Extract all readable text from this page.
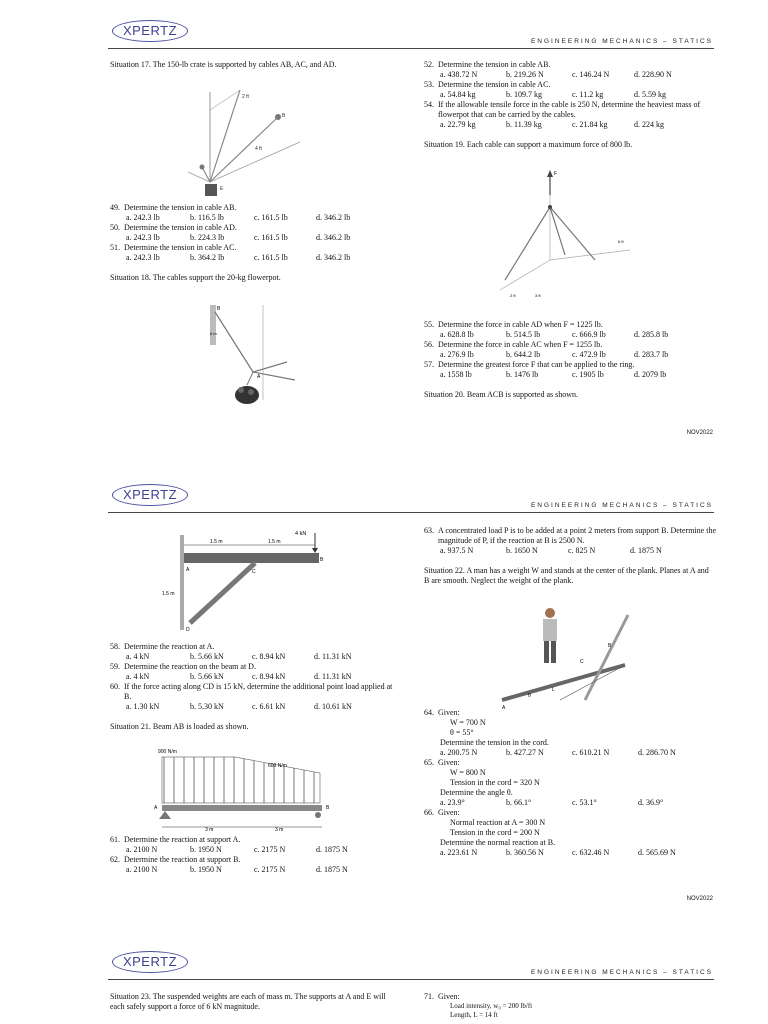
XPERTZ
ENGINEERING MECHANICS – STATICS

Situation 17. The 150-lb crate is supported by cables AB, AC, and AD.

2 ft
4 ft
B
E

49. Determine the tension in cable AB.

a. 242.3 lb	b. 116.5 lb	c. 161.5 lb	d. 346.2 lb

50. Determine the tension in cable AD.

a. 242.3 lb	b. 224.3 lb	c. 161.5 lb	d. 346.2 lb

51. Determine the tension in cable AC.

a. 242.3 lb	b. 364.2 lb	c. 161.5 lb	d. 346.2 lb

Situation 18. The cables support the 20-kg flowerpot.

B
6 m
A

52. Determine the tension in cable AB.

a. 438.72 N	b. 219.26 N	c. 146.24 N	d. 228.90 N

53. Determine the tension in cable AC.

a. 54.84 kg	b. 109.7 kg	c. 11.2 kg	d. 5.59 kg

54. If the allowable tensile force in the cable is 250 N, determine the heaviest mass of flowerpot that can be carried by the cables.

a. 22.79 kg	b. 11.39 kg	c. 21.84 kg	d. 224 kg

Situation 19. Each cable can support a maximum force of 800 lb.

F
6 ft
2 ft	3 ft

55. Determine the force in cable AD when F = 1225 lb.

a. 628.8 lb	b. 514.5 lb	c. 666.9 lb	d. 285.8 lb

56. Determine the force in cable AC when F = 1255 lb.

a. 276.9 lb	b. 644.2 lb	c. 472.9 lb	d. 283.7 lb

57. Determine the greatest force F that can be applied to the ring.

a. 1558 lb	b. 1476 lb	c. 1905 lb	d. 2079 lb

Situation 20. Beam ACB is supported as shown.

NOV2022
XPERTZ
ENGINEERING MECHANICS – STATICS
4 kN
1.5 m	1.5 m
1.5 m
A
B
C
D

58. Determine the reaction at A.

a. 4 kN	b. 5.66 kN	c. 8.94 kN	d. 11.31 kN

59. Determine the reaction on the beam at D.

a. 4 kN	b. 5.66 kN	c. 8.94 kN	d. 11.31 kN

60. If the force acting along CD is 15 kN, determine the additional point load applied at B.

a. 1.30 kN	b. 5.30 kN	c. 6.61 kN	d. 10.61 kN

Situation 21. Beam AB is loaded as shown.

900 N/m
600 N/m
A	B
3 m	3 m

61. Determine the reaction at support A.

a. 2100 N	b. 1950 N	c. 2175 N	d. 1875 N

62. Determine the reaction at support B.

a. 2100 N	b. 1950 N	c. 2175 N	d. 1875 N

63. A concentrated load P is to be added at a point 2 meters from support B. Determine the magnitude of P, if the reaction at B is 2500 N.

a. 937.5 N	b. 1650 N	c. 825 N	d. 1875 N

Situation 22. A man has a weight W and stands at the center of the plank. Planes at A and B are smooth. Neglect the weight of the plank.

A
B
C
L
θ

64. Given:

W = 700 N

θ = 55°

Determine the tension in the cord.

a. 200.75 N	b. 427.27 N	c. 610.21 N	d. 286.70 N

65. Given:

W = 800 N

Tension in the cord = 320 N

Determine the angle θ.

a. 23.9°	b. 66.1°	c. 53.1°	d. 36.9°

66. Given:

Normal reaction at A = 300 N

Tension in the cord = 200 N

Determine the normal reaction at B.

a. 223.61 N	b. 360.56 N	c. 632.46 N	d. 565.69 N
NOV2022
XPERTZ
ENGINEERING MECHANICS – STATICS

Situation 23. The suspended weights are each of mass m. The supports at A and E will each safely support a force of 6 kN magnitude.

71. Given:

Load intensity, w₀ = 200 lb/ft

Length, L = 14 ft
